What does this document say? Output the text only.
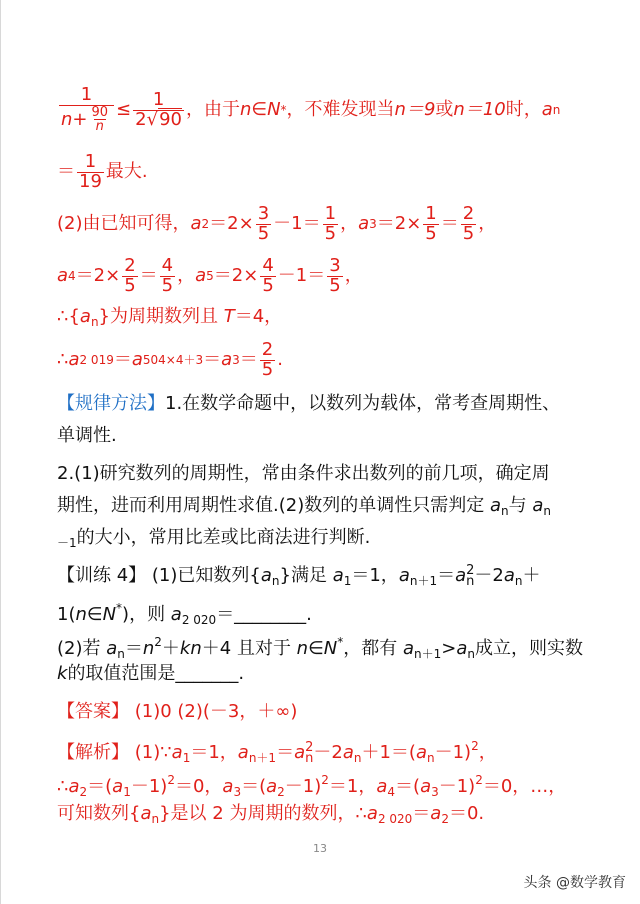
$\frac{1}{n+ \frac{90}{n}} \le \frac{1}{2√90}$ ，由于 n∈N * ，不难发现当 n＝9 或 n＝10 时， a n
＝ $\frac{1}{19}$ 最大.
(2)由已知可得， a $2 =2\times \frac{3}{5} -1= \frac{1}{5}$ ， a $3 =2\times \frac{1}{5} = \frac{2}{5}$ ，
a $4 =2\times \frac{2}{5} = \frac{4}{5}$ ， a $5 =2\times \frac{4}{5} -1= \frac{3}{5}$ ，
$\therefore\{a_n\}$为周期数列且 T＝4，
∴ a 2 019 ＝ a 504×4＋3 ＝ a $3 = \frac{2}{5}$ .
【规律方法】1.在数学命题中，以数列为载体，常考查周期性、
单调性.
2.(1)研究数列的周期性，常由条件求出数列的前几项，确定周
期性，进而利用周期性求值.(2)数列的单调性只需判定 $a_n$与 $a_n$
$_{-1}$的大小，常用比差或比商法进行判断.
【训练 4】 (1)已知数列$\{a_n\}$满足 $a_1=1$，$a_{n+1}=a$ 2
$n -2a_n+$
1(n∈N*)，则 $a_{2 020}=\_\_\_\_\_\_\_\_$.
(2)若 $a_n=n^2+kn+4$ 且对于 n∈N*，都有 $a_{n+1}>a_n$成立，则实数
k的取值范围是_______.
【答案】 (1)0 (2)(－3，＋∞)
【解析】 $(1)\because a_1=1$，$a_{n+1}=a$ 2
$n -2a_n+1=(a_n-1)^2$，
$\therefore a_2=(a_1-1)^2=0$，$a_3=(a_2-1)^2=1$，$a_4=(a_3-1)^2=0$，…，
可知数列$\{a_n\}$是以 2 为周期的数列，$\therefore a_{2 020}=a_2=0$.
13
头条 @数学教育
